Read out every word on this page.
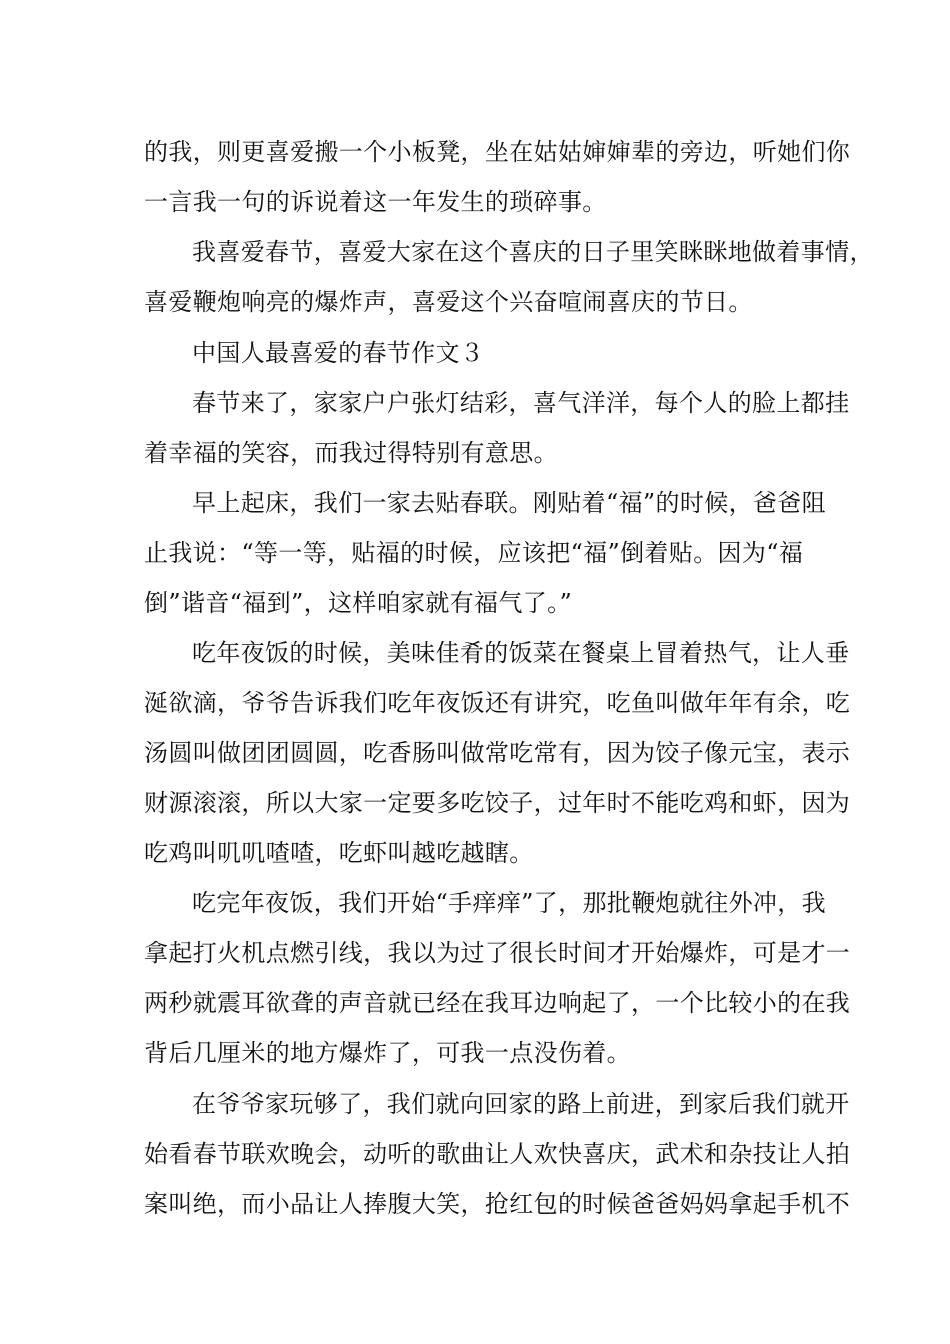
的我，则更喜爱搬一个小板凳，坐在姑姑婶婶辈的旁边，听她们你
一言我一句的诉说着这一年发生的琐碎事。
我喜爱春节，喜爱大家在这个喜庆的日子里笑眯眯地做着事情，
喜爱鞭炮响亮的爆炸声，喜爱这个兴奋喧闹喜庆的节日。
中国人最喜爱的春节作文３
春节来了，家家户户张灯结彩，喜气洋洋，每个人的脸上都挂
着幸福的笑容，而我过得特别有意思。
早上起床，我们一家去贴春联。刚贴着“福”的时候，爸爸阻
止我说：“等一等，贴福的时候，应该把“福”倒着贴。因为“福
倒”谐音“福到”，这样咱家就有福气了。”
吃年夜饭的时候，美味佳肴的饭菜在餐桌上冒着热气，让人垂
涎欲滴，爷爷告诉我们吃年夜饭还有讲究，吃鱼叫做年年有余，吃
汤圆叫做团团圆圆，吃香肠叫做常吃常有，因为饺子像元宝，表示
财源滚滚，所以大家一定要多吃饺子，过年时不能吃鸡和虾，因为
吃鸡叫叽叽喳喳，吃虾叫越吃越瞎。
吃完年夜饭，我们开始“手痒痒”了，那批鞭炮就往外冲，我
拿起打火机点燃引线，我以为过了很长时间才开始爆炸，可是才一
两秒就震耳欲聋的声音就已经在我耳边响起了，一个比较小的在我
背后几厘米的地方爆炸了，可我一点没伤着。
在爷爷家玩够了，我们就向回家的路上前进，到家后我们就开
始看春节联欢晚会，动听的歌曲让人欢快喜庆，武术和杂技让人拍
案叫绝，而小品让人捧腹大笑，抢红包的时候爸爸妈妈拿起手机不
